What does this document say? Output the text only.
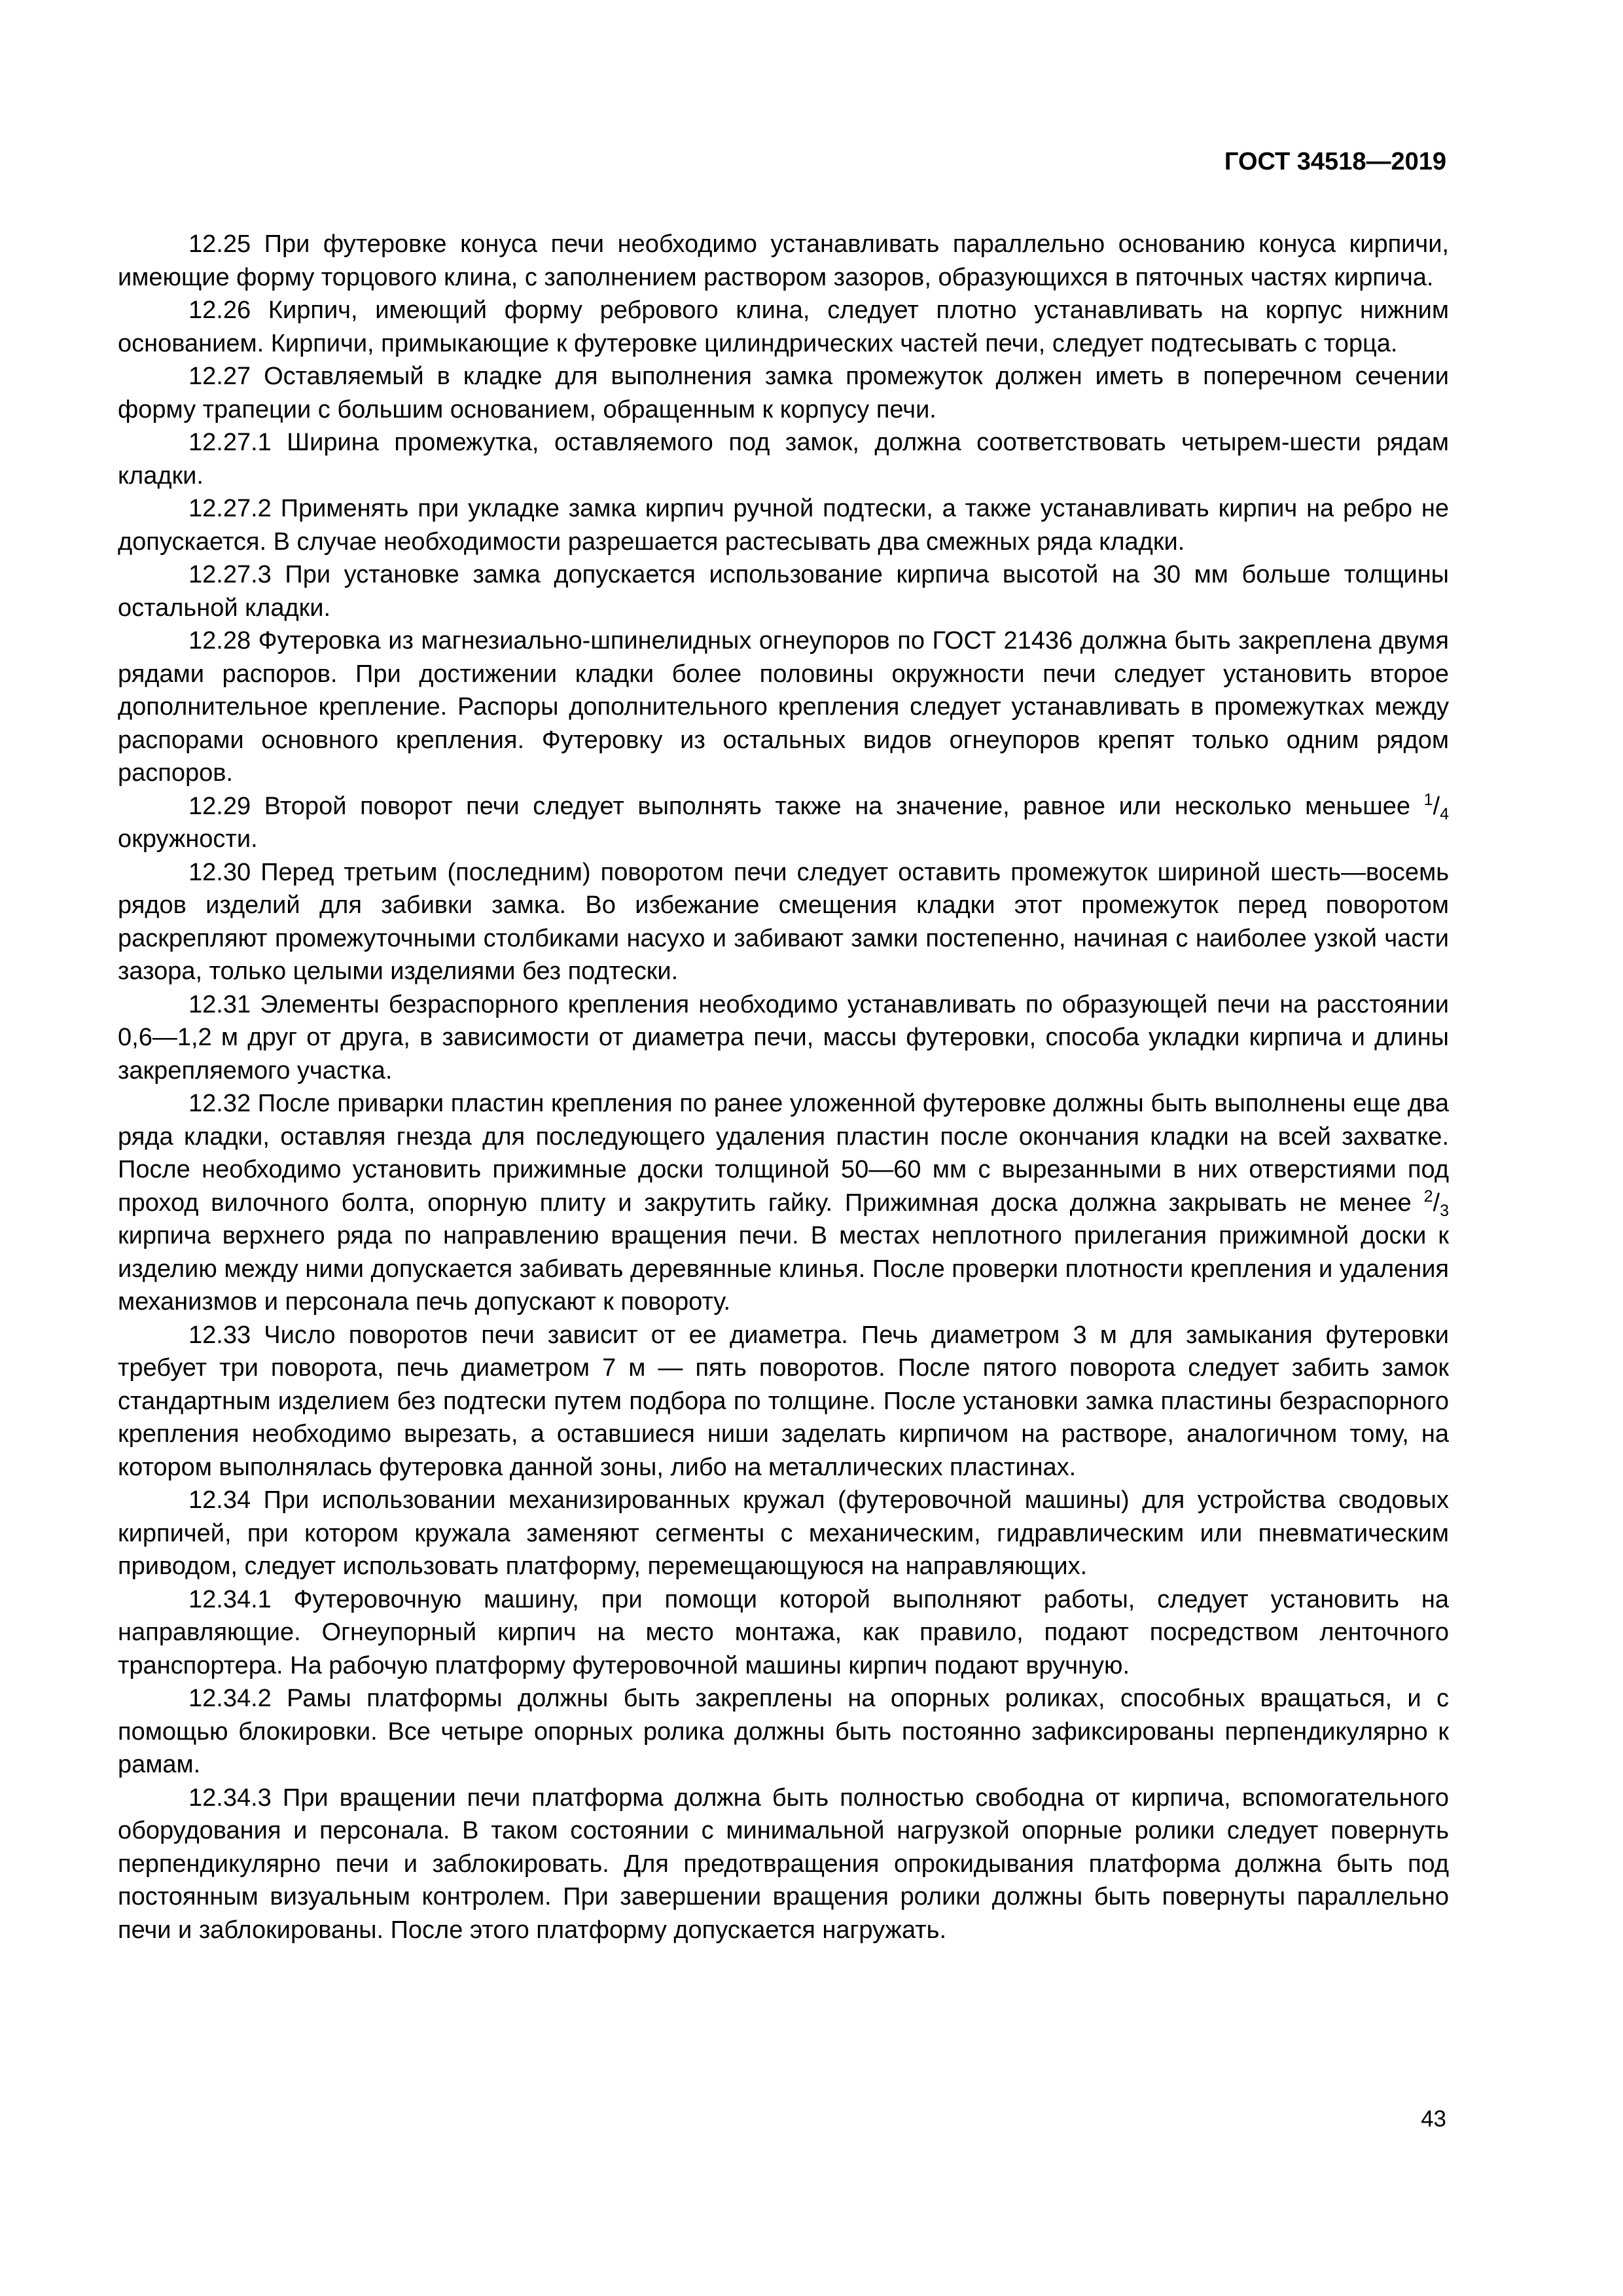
ГОСТ 34518—2019

12.25 При футеровке конуса печи необходимо устанавливать параллельно основанию конуса кирпичи, имеющие форму торцового клина, с заполнением раствором зазоров, образующихся в пяточных частях кирпича.

12.26 Кирпич, имеющий форму ребрового клина, следует плотно устанавливать на корпус нижним основанием. Кирпичи, примыкающие к футеровке цилиндрических частей печи, следует подтесывать с торца.

12.27 Оставляемый в кладке для выполнения замка промежуток должен иметь в поперечном сечении форму трапеции с большим основанием, обращенным к корпусу печи.

12.27.1 Ширина промежутка, оставляемого под замок, должна соответствовать четырем-шести рядам кладки.

12.27.2 Применять при укладке замка кирпич ручной подтески, а также устанавливать кирпич на ребро не допускается. В случае необходимости разрешается растесывать два смежных ряда кладки.

12.27.3 При установке замка допускается использование кирпича высотой на 30 мм больше толщины остальной кладки.

12.28 Футеровка из магнезиально-шпинелидных огнеупоров по ГОСТ 21436 должна быть закреплена двумя рядами распоров. При достижении кладки более половины окружности печи следует установить второе дополнительное крепление. Распоры дополнительного крепления следует устанавливать в промежутках между распорами основного крепления. Футеровку из остальных видов огнеупоров крепят только одним рядом распоров.

12.29 Второй поворот печи следует выполнять также на значение, равное или несколько меньшее $^1/_4$ окружности.

12.30 Перед третьим (последним) поворотом печи следует оставить промежуток шириной шесть—восемь рядов изделий для забивки замка. Во избежание смещения кладки этот промежуток перед поворотом раскрепляют промежуточными столбиками насухо и забивают замки постепенно, начиная с наиболее узкой части зазора, только целыми изделиями без подтески.

12.31 Элементы безраспорного крепления необходимо устанавливать по образующей печи на расстоянии 0,6—1,2 м друг от друга, в зависимости от диаметра печи, массы футеровки, способа укладки кирпича и длины закрепляемого участка.

12.32 После приварки пластин крепления по ранее уложенной футеровке должны быть выполнены еще два ряда кладки, оставляя гнезда для последующего удаления пластин после окончания кладки на всей захватке. После необходимо установить прижимные доски толщиной 50—60 мм с вырезанными в них отверстиями под проход вилочного болта, опорную плиту и закрутить гайку. Прижимная доска должна закрывать не менее $^2/_3$ кирпича верхнего ряда по направлению вращения печи. В местах неплотного прилегания прижимной доски к изделию между ними допускается забивать деревянные клинья. После проверки плотности крепления и удаления механизмов и персонала печь допускают к повороту.

12.33 Число поворотов печи зависит от ее диаметра. Печь диаметром 3 м для замыкания футеровки требует три поворота, печь диаметром 7 м — пять поворотов. После пятого поворота следует забить замок стандартным изделием без подтески путем подбора по толщине. После установки замка пластины безраспорного крепления необходимо вырезать, а оставшиеся ниши заделать кирпичом на растворе, аналогичном тому, на котором выполнялась футеровка данной зоны, либо на металлических пластинах.

12.34 При использовании механизированных кружал (футеровочной машины) для устройства сводовых кирпичей, при котором кружала заменяют сегменты с механическим, гидравлическим или пневматическим приводом, следует использовать платформу, перемещающуюся на направляющих.

12.34.1 Футеровочную машину, при помощи которой выполняют работы, следует установить на направляющие. Огнеупорный кирпич на место монтажа, как правило, подают посредством ленточного транспортера. На рабочую платформу футеровочной машины кирпич подают вручную.

12.34.2 Рамы платформы должны быть закреплены на опорных роликах, способных вращаться, и с помощью блокировки. Все четыре опорных ролика должны быть постоянно зафиксированы перпендикулярно к рамам.

12.34.3 При вращении печи платформа должна быть полностью свободна от кирпича, вспомогательного оборудования и персонала. В таком состоянии с минимальной нагрузкой опорные ролики следует повернуть перпендикулярно печи и заблокировать. Для предотвращения опрокидывания платформа должна быть под постоянным визуальным контролем. При завершении вращения ролики должны быть повернуты параллельно печи и заблокированы. После этого платформу допускается нагружать.

43
